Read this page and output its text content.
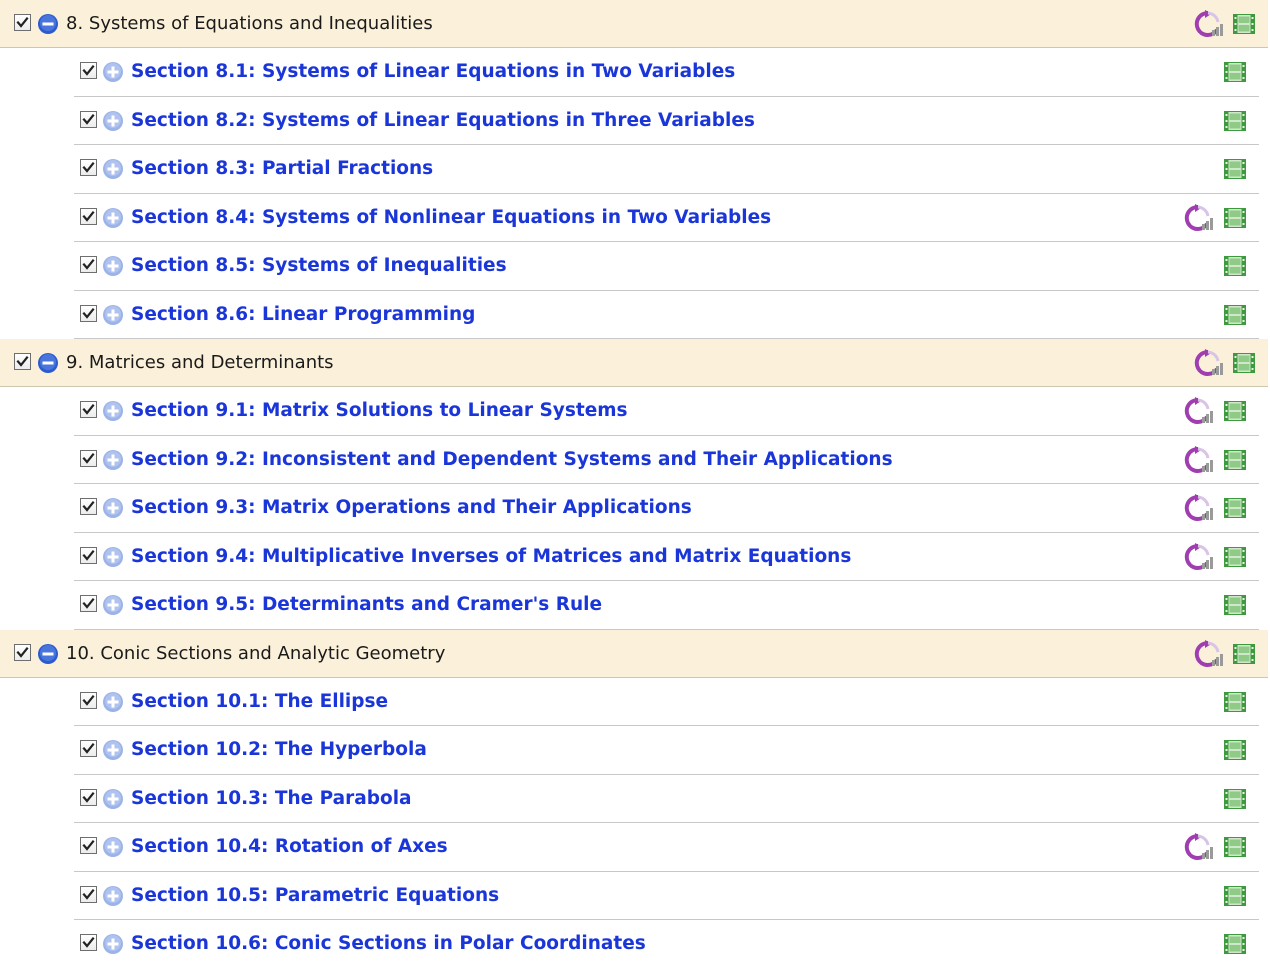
8. Systems of Equations and Inequalities
Section 8.1: Systems of Linear Equations in Two Variables
Section 8.2: Systems of Linear Equations in Three Variables
Section 8.3: Partial Fractions
Section 8.4: Systems of Nonlinear Equations in Two Variables
Section 8.5: Systems of Inequalities
Section 8.6: Linear Programming
9. Matrices and Determinants
Section 9.1: Matrix Solutions to Linear Systems
Section 9.2: Inconsistent and Dependent Systems and Their Applications
Section 9.3: Matrix Operations and Their Applications
Section 9.4: Multiplicative Inverses of Matrices and Matrix Equations
Section 9.5: Determinants and Cramer's Rule
10. Conic Sections and Analytic Geometry
Section 10.1: The Ellipse
Section 10.2: The Hyperbola
Section 10.3: The Parabola
Section 10.4: Rotation of Axes
Section 10.5: Parametric Equations
Section 10.6: Conic Sections in Polar Coordinates
